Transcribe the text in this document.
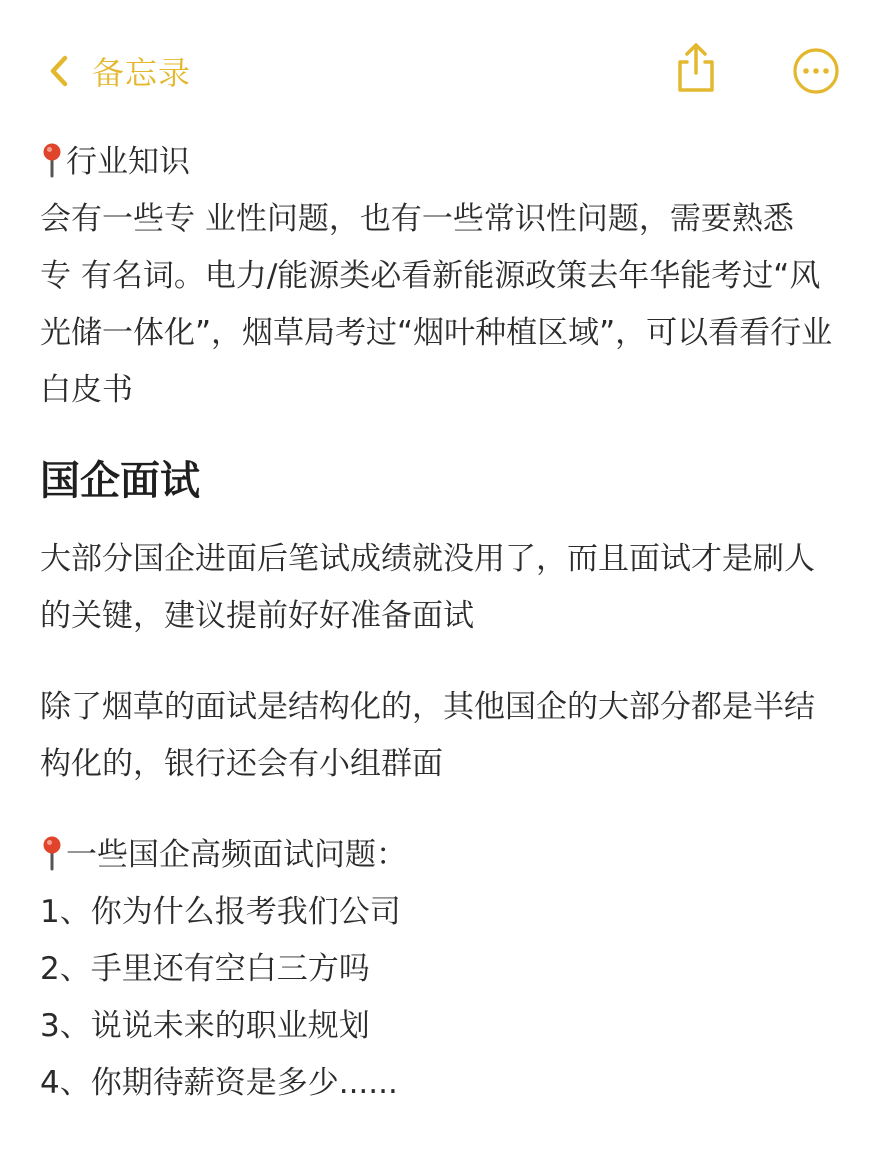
备忘录
行业知识
会有一些专 业性问题，也有一些常识性问题，需要熟悉
专 有名词。电力/能源类必看新能源政策去年华能考过“风
光储一体化”，烟草局考过“烟叶种植区域”，可以看看行业
白皮书
国企面试
大部分国企进面后笔试成绩就没用了，而且面试才是刷人
的关键，建议提前好好准备面试
除了烟草的面试是结构化的，其他国企的大部分都是半结
构化的，银行还会有小组群面
一些国企高频面试问题：
1、你为什么报考我们公司
2、手里还有空白三方吗
3、说说未来的职业规划
4、你期待薪资是多少......
